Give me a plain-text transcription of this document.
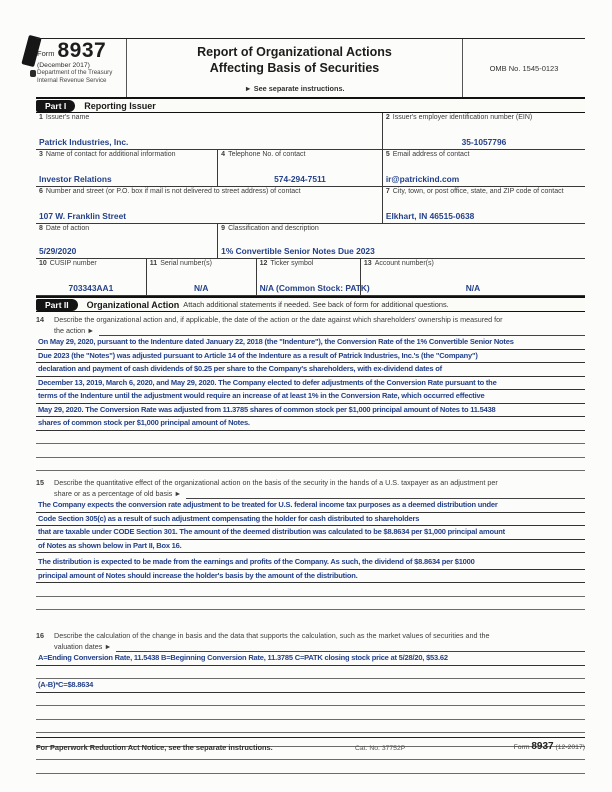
Form 8937
(December 2017)
Department of the Treasury
Internal Revenue Service
Report of Organizational Actions
Affecting Basis of Securities
► See separate instructions.
OMB No. 1545-0123
Part I	Reporting Issuer
1 Issuer's name
Patrick Industries, Inc.
2 Issuer's employer identification number (EIN)
35-1057796
3 Name of contact for additional information
Investor Relations
4 Telephone No. of contact
574-294-7511
5 Email address of contact
ir@patrickind.com
6 Number and street (or P.O. box if mail is not delivered to street address) of contact
107 W. Franklin Street
7 City, town, or post office, state, and ZIP code of contact
Elkhart, IN 46515-0638
8 Date of action
5/29/2020
9 Classification and description
1% Convertible Senior Notes Due 2023
10 CUSIP number
703343AA1
11 Serial number(s)
N/A
12 Ticker symbol
N/A (Common Stock: PATK)
13 Account number(s)
N/A
Part II	Organizational Action Attach additional statements if needed. See back of form for additional questions.
14	Describe the organizational action and, if applicable, the date of the action or the date against which shareholders' ownership is measured for
the action ►
On May 29, 2020, pursuant to the Indenture dated January 22, 2018 (the "Indenture"), the Conversion Rate of the 1% Convertible Senior Notes
Due 2023 (the "Notes") was adjusted pursuant to Article 14 of the Indenture as a result of Patrick Industries, Inc.'s (the "Company")
declaration and payment of cash dividends of $0.25 per share to the Company's shareholders, with ex-dividend dates of
December 13, 2019, March 6, 2020, and May 29, 2020. The Company elected to defer adjustments of the Conversion Rate pursuant to the
terms of the Indenture until the adjustment would require an increase of at least 1% in the Conversion Rate, which occurred effective
May 29, 2020. The Conversion Rate was adjusted from 11.3785 shares of common stock per $1,000 principal amount of Notes to 11.5438
shares of common stock per $1,000 principal amount of Notes.
15	Describe the quantitative effect of the organizational action on the basis of the security in the hands of a U.S. taxpayer as an adjustment per
share or as a percentage of old basis ►
The Company expects the conversion rate adjustment to be treated for U.S. federal income tax purposes as a deemed distribution under
Code Section 305(c) as a result of such adjustment compensating the holder for cash distributed to shareholders
that are taxable under CODE Section 301. The amount of the deemed distribution was calculated to be $8.8634 per $1,000 principal amount
of Notes as shown below in Part II, Box 16.
The distribution is expected to be made from the earnings and profits of the Company. As such, the dividend of $8.8634 per $1000
principal amount of Notes should increase the holder's basis by the amount of the distribution.
16	Describe the calculation of the change in basis and the data that supports the calculation, such as the market values of securities and the
valuation dates ►
A=Ending Conversion Rate, 11.5438 B=Beginning Conversion Rate, 11.3785 C=PATK closing stock price at 5/28/20, $53.62
(A-B)*C=$8.8634
For Paperwork Reduction Act Notice, see the separate instructions.	Cat. No. 37752P	Form 8937 (12-2017)
